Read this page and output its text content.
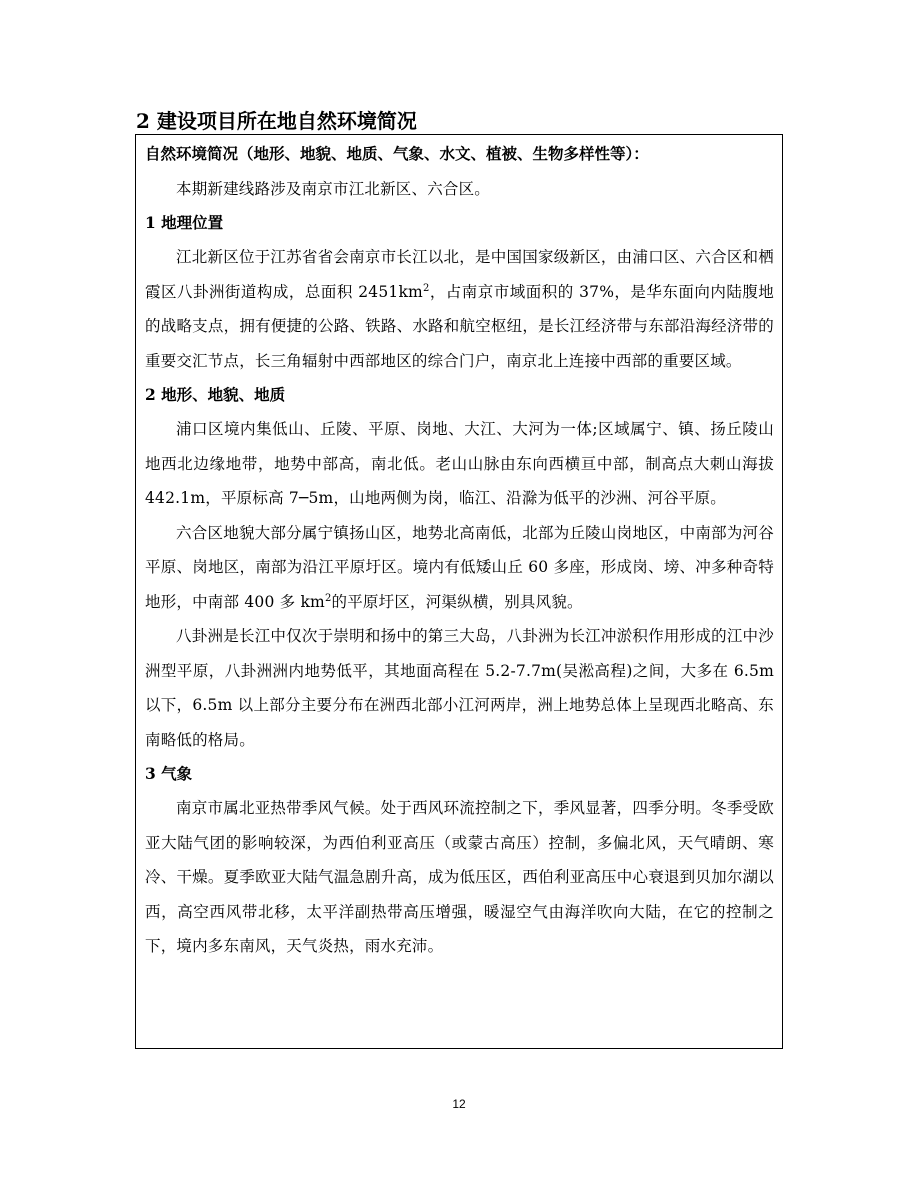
2 建设项目所在地自然环境简况

自然环境简况（地形、地貌、地质、气象、水文、植被、生物多样性等）：

本期新建线路涉及南京市江北新区、六合区。

1 地理位置

江北新区位于江苏省省会南京市长江以北，是中国国家级新区，由浦口区、六合区和栖霞区八卦洲街道构成，总面积 $2451km^2$，占南京市域面积的 37%，是华东面向内陆腹地的战略支点，拥有便捷的公路、铁路、水路和航空枢纽，是长江经济带与东部沿海经济带的重要交汇节点，长三角辐射中西部地区的综合门户，南京北上连接中西部的重要区域。

2 地形、地貌、地质

浦口区境内集低山、丘陵、平原、岗地、大江、大河为一体;区域属宁、镇、扬丘陵山地西北边缘地带，地势中部高，南北低。老山山脉由东向西横亘中部，制高点大刺山海拔 442.1m，平原标高 7─5m，山地两侧为岗，临江、沿滁为低平的沙洲、河谷平原。

六合区地貌大部分属宁镇扬山区，地势北高南低，北部为丘陵山岗地区，中南部为河谷平原、岗地区，南部为沿江平原圩区。境内有低矮山丘 60 多座，形成岗、塝、冲多种奇特地形，中南部 400 多 $km^2$的平原圩区，河渠纵横，别具风貌。

八卦洲是长江中仅次于崇明和扬中的第三大岛，八卦洲为长江冲淤积作用形成的江中沙洲型平原，八卦洲洲内地势低平，其地面高程在 5.2-7.7m(吴淞高程)之间，大多在 6.5m 以下，6.5m 以上部分主要分布在洲西北部小江河两岸，洲上地势总体上呈现西北略高、东南略低的格局。

3 气象

南京市属北亚热带季风气候。处于西风环流控制之下，季风显著，四季分明。冬季受欧亚大陆气团的影响较深，为西伯利亚高压（或蒙古高压）控制，多偏北风，天气晴朗、寒冷、干燥。夏季欧亚大陆气温急剧升高，成为低压区，西伯利亚高压中心衰退到贝加尔湖以西，高空西风带北移，太平洋副热带高压增强，暖湿空气由海洋吹向大陆，在它的控制之下，境内多东南风，天气炎热，雨水充沛。

12
